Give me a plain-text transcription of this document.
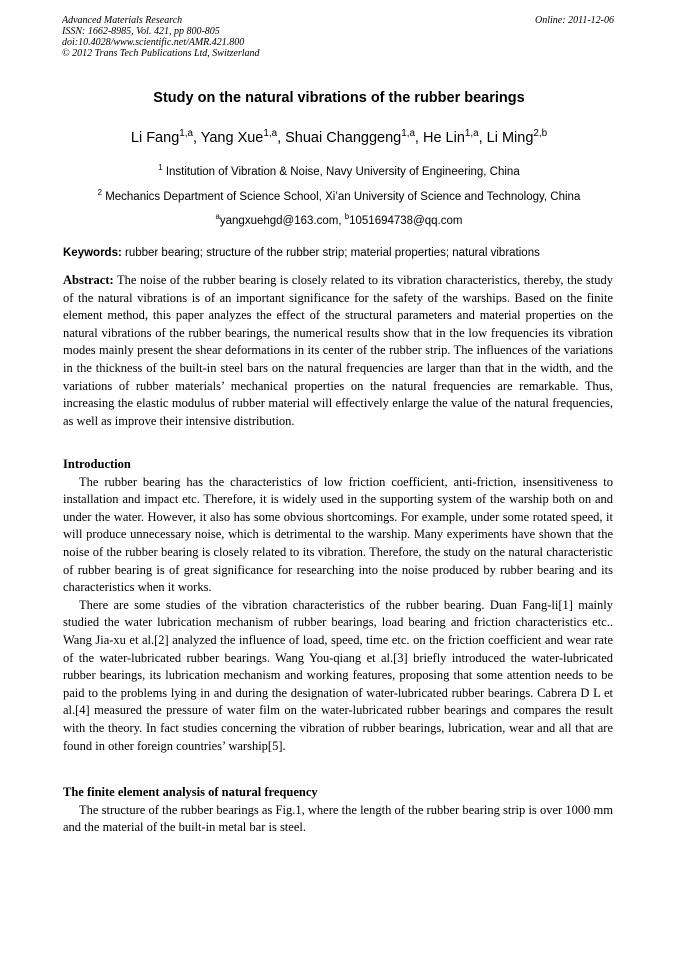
Advanced Materials Research
ISSN: 1662-8985, Vol. 421, pp 800-805
doi:10.4028/www.scientific.net/AMR.421.800
© 2012 Trans Tech Publications Ltd, Switzerland
Online: 2011-12-06
Study on the natural vibrations of the rubber bearings
Li Fang$^{1,a}$, Yang Xue$^{1,a}$, Shuai Changgeng$^{1,a}$, He Lin$^{1,a}$, Li Ming$^{2,b}$
$^1$ Institution of Vibration & Noise, Navy University of Engineering, China
$^2$ Mechanics Department of Science School, Xi’an University of Science and Technology, China
$^a$yangxuehgd@163.com, $^b$1051694738@qq.com
Keywords: rubber bearing; structure of the rubber strip; material properties; natural vibrations

Abstract: The noise of the rubber bearing is closely related to its vibration characteristics, thereby, the study of the natural vibrations is of an important significance for the safety of the warships. Based on the finite element method, this paper analyzes the effect of the structural parameters and material properties on the natural vibrations of the rubber bearings, the numerical results show that in the low frequencies its vibration modes mainly present the shear deformations in its center of the rubber strip. The influences of the variations in the thickness of the built-in steel bars on the natural frequencies are larger than that in the width, and the variations of rubber materials’ mechanical properties on the natural frequencies are remarkable. Thus, increasing the elastic modulus of rubber material will effectively enlarge the value of the natural frequencies, as well as improve their intensive distribution.

Introduction

The rubber bearing has the characteristics of low friction coefficient, anti-friction, insensitiveness to installation and impact etc. Therefore, it is widely used in the supporting system of the warship both on and under the water. However, it also has some obvious shortcomings. For example, under some rotated speed, it will produce unnecessary noise, which is detrimental to the warship. Many experiments have shown that the noise of the rubber bearing is closely related to its vibration. Therefore, the study on the natural characteristic of rubber bearing is of great significance for researching into the noise produced by rubber bearing and its characteristics when it works.

There are some studies of the vibration characteristics of the rubber bearing. Duan Fang-li[1] mainly studied the water lubrication mechanism of rubber bearings, load bearing and friction characteristics etc.. Wang Jia-xu et al.[2] analyzed the influence of load, speed, time etc. on the friction coefficient and wear rate of the water-lubricated rubber bearings. Wang You-qiang et al.[3] briefly introduced the water-lubricated rubber bearings, its lubrication mechanism and working features, proposing that some attention needs to be paid to the problems lying in and during the designation of water-lubricated rubber bearings. Cabrera D L et al.[4] measured the pressure of water film on the water-lubricated rubber bearings and compares the result with the theory. In fact studies concerning the vibration of rubber bearings, lubrication, wear and all that are found in other foreign countries’ warship[5].

The finite element analysis of natural frequency

The structure of the rubber bearings as Fig.1, where the length of the rubber bearing strip is over 1000 mm and the material of the built-in metal bar is steel.
